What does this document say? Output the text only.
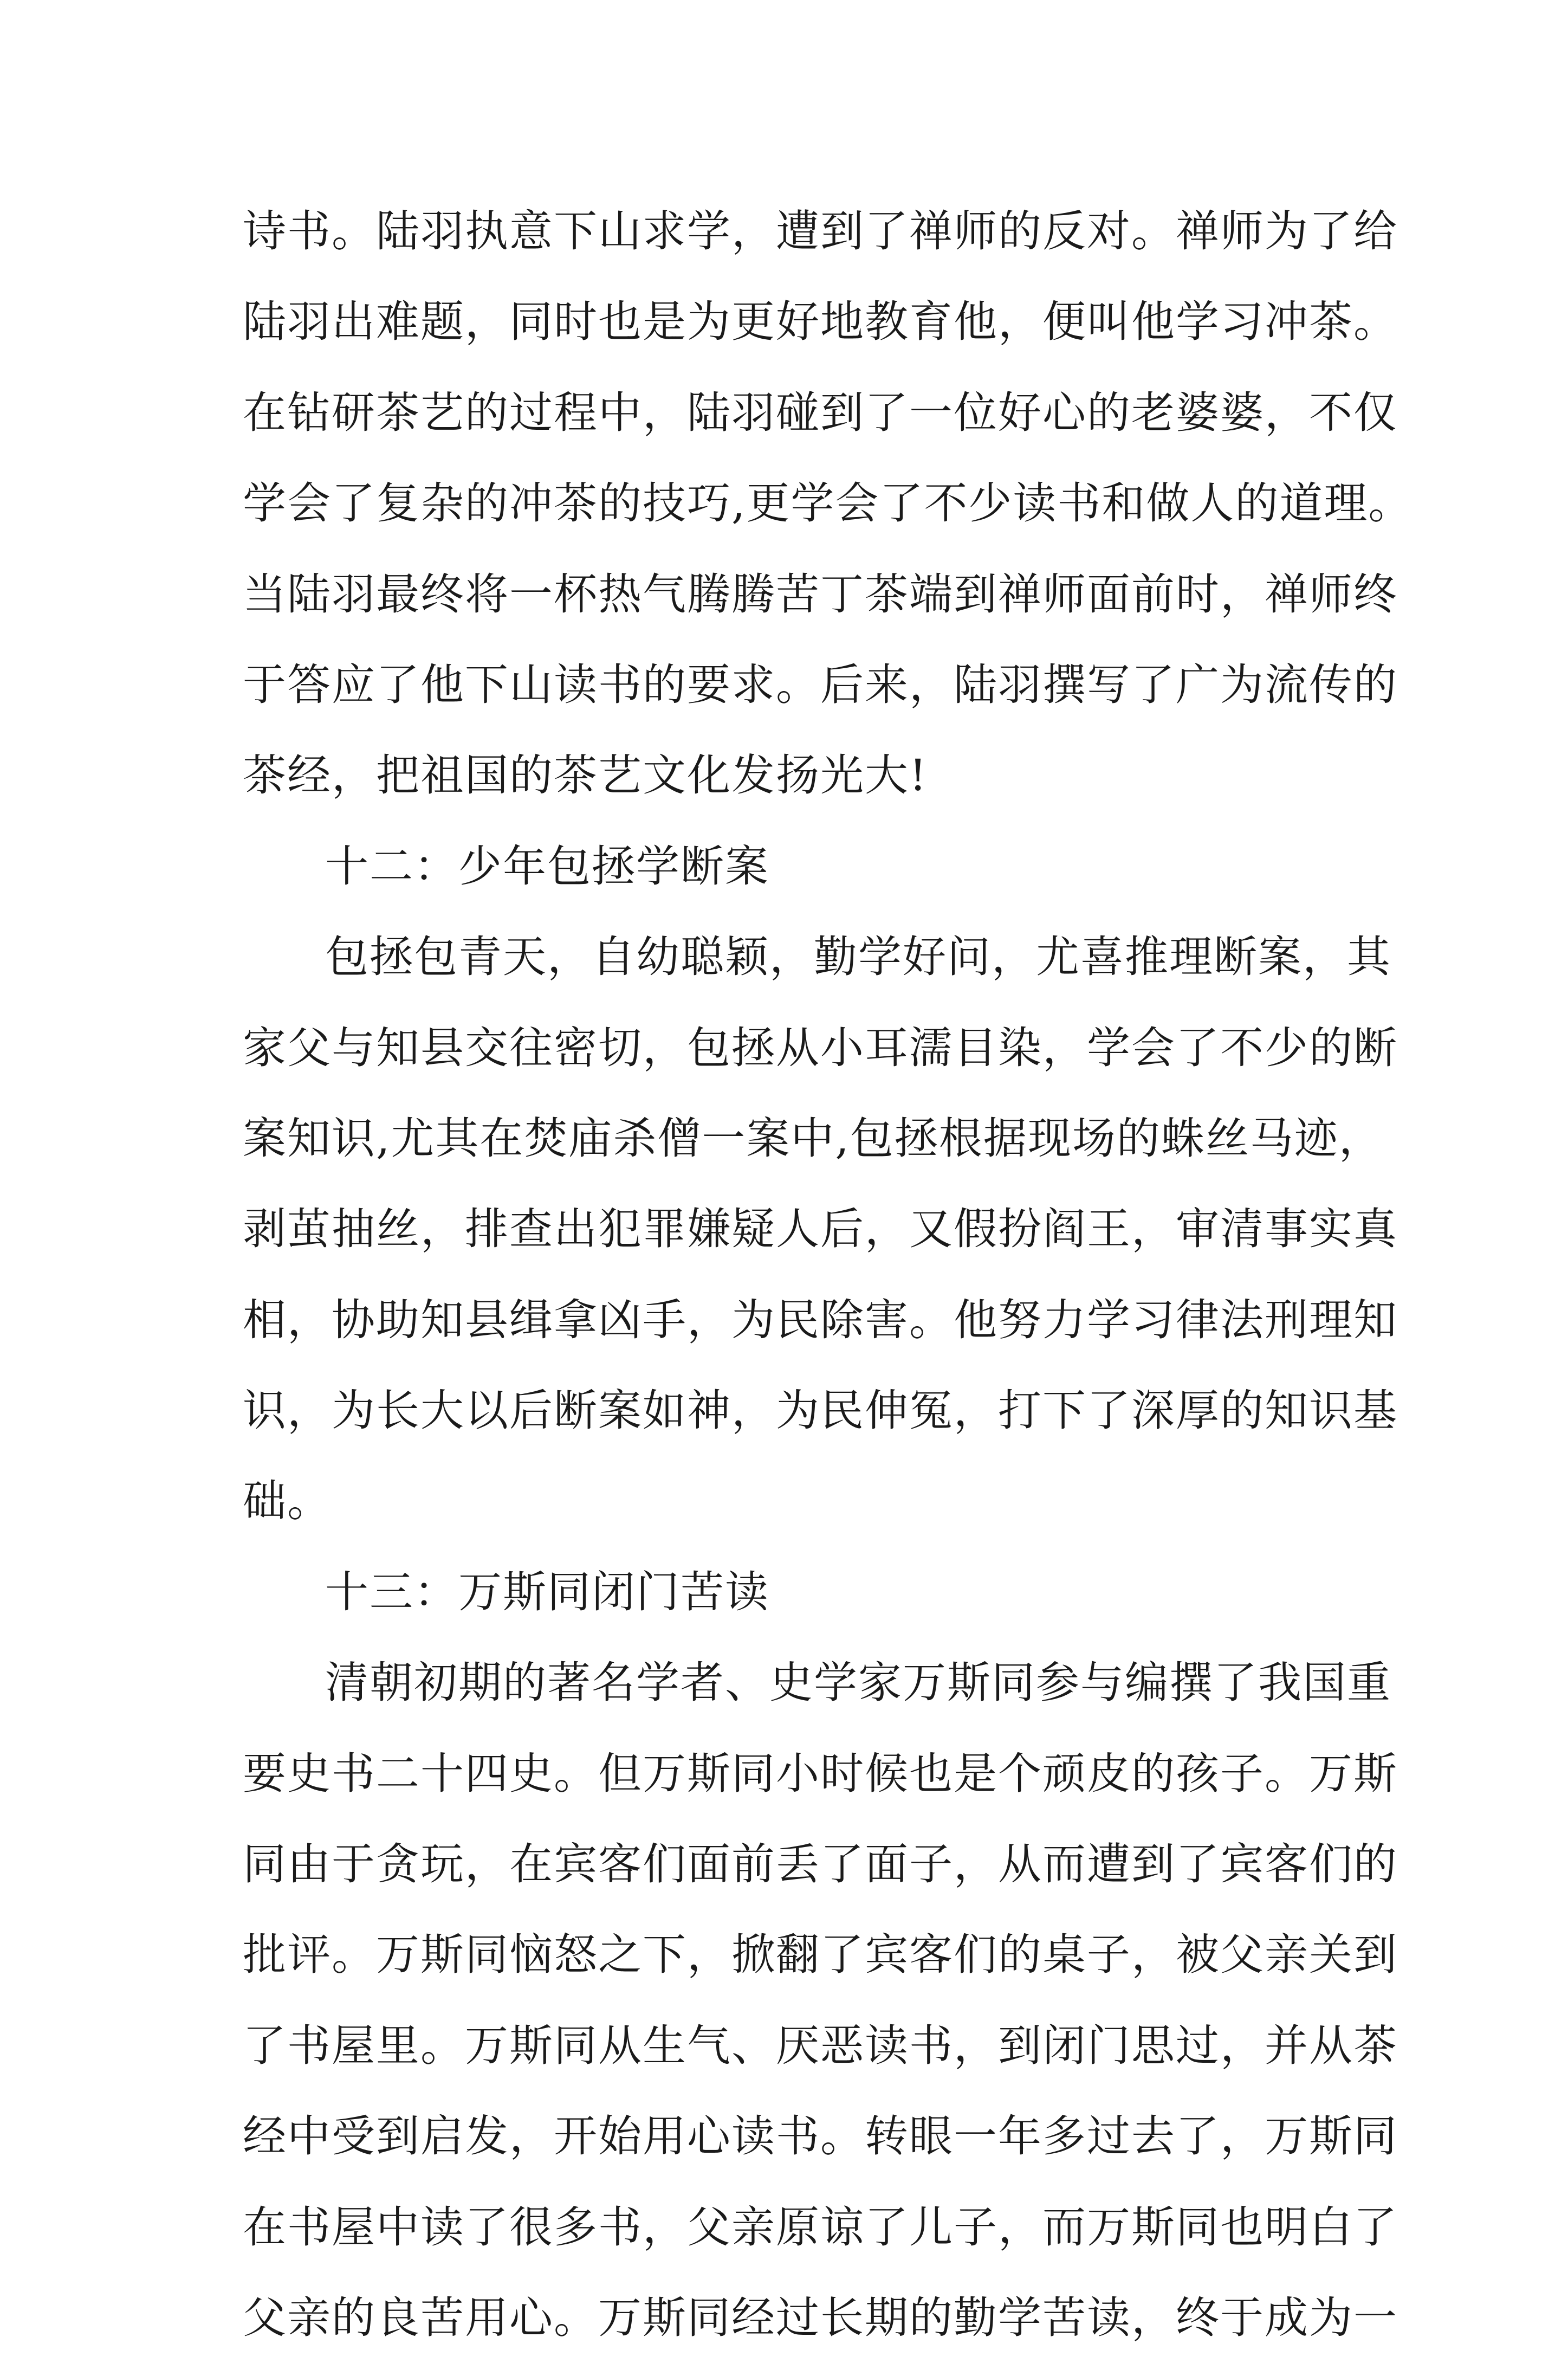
诗书。陆羽执意下山求学，遭到了禅师的反对。禅师为了给
陆羽出难题，同时也是为更好地教育他，便叫他学习冲茶。
在钻研茶艺的过程中，陆羽碰到了一位好心的老婆婆，不仅
学会了复杂的冲茶的技巧,更学会了不少读书和做人的道理。
当陆羽最终将一杯热气腾腾苦丁茶端到禅师面前时，禅师终
于答应了他下山读书的要求。后来，陆羽撰写了广为流传的
茶经，把祖国的茶艺文化发扬光大!
十二：少年包拯学断案
包拯包青天，自幼聪颖，勤学好问，尤喜推理断案，其
家父与知县交往密切，包拯从小耳濡目染，学会了不少的断
案知识,尤其在焚庙杀僧一案中,包拯根据现场的蛛丝马迹，
剥茧抽丝，排查出犯罪嫌疑人后，又假扮阎王，审清事实真
相，协助知县缉拿凶手，为民除害。他努力学习律法刑理知
识，为长大以后断案如神，为民伸冤，打下了深厚的知识基
础。
十三：万斯同闭门苦读
清朝初期的著名学者、史学家万斯同参与编撰了我国重
要史书二十四史。但万斯同小时候也是个顽皮的孩子。万斯
同由于贪玩，在宾客们面前丢了面子，从而遭到了宾客们的
批评。万斯同恼怒之下，掀翻了宾客们的桌子，被父亲关到
了书屋里。万斯同从生气、厌恶读书，到闭门思过，并从茶
经中受到启发，开始用心读书。转眼一年多过去了，万斯同
在书屋中读了很多书，父亲原谅了儿子，而万斯同也明白了
父亲的良苦用心。万斯同经过长期的勤学苦读，终于成为一
